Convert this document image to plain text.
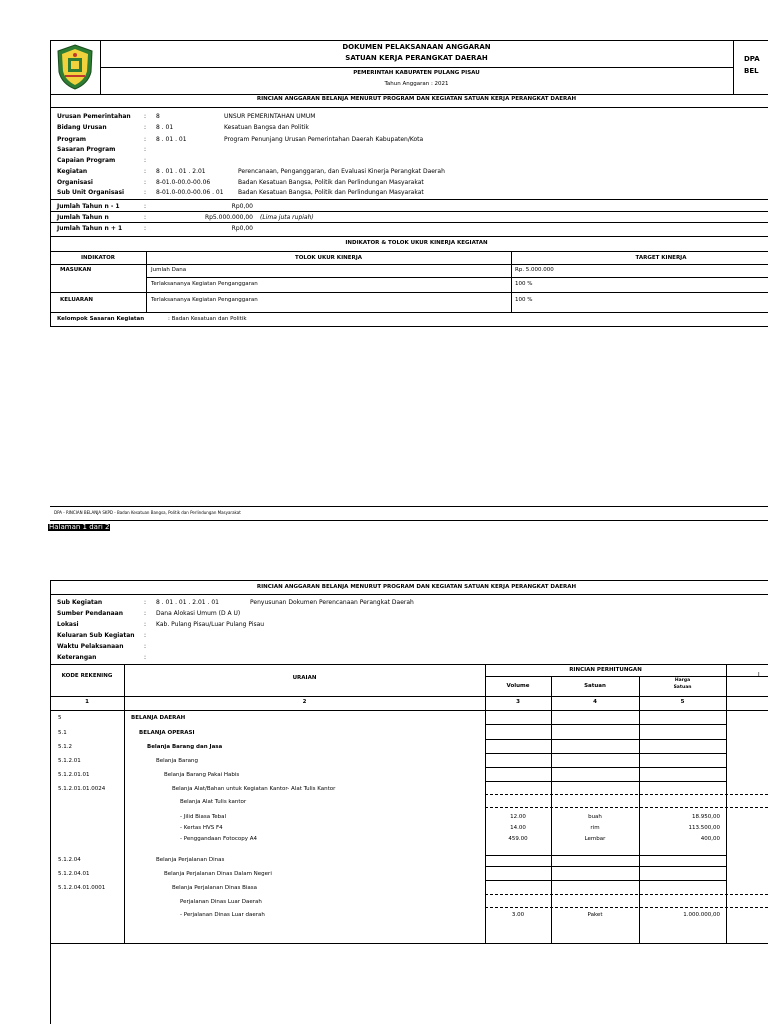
DOKUMEN PELAKSANAAN ANGGARAN
SATUAN KERJA PERANGKAT DAERAH	DPA
BEL
PEMERINTAH KABUPATEN PULANG PISAU
Tahun Anggaran : 2021
RINCIAN ANGGARAN BELANJA MENURUT PROGRAM DAN KEGIATAN SATUAN KERJA PERANGKAT DAERAH
Urusan Pemerintahan : 8	UNSUR PEMERINTAHAN UMUM
Bidang Urusan	: 8 . 01	Kesatuan Bangsa dan Politik
Program	: 8 . 01 . 01	Program Penunjang Urusan Pemerintahan Daerah Kabupaten/Kota
Sasaran Program	:
Capaian Program	:
Kegiatan	: 8 . 01 . 01 . 2.01	Perencanaan, Penganggaran, dan Evaluasi Kinerja Perangkat Daerah
Organisasi	: 8-01.0-00.0-00.06	Badan Kesatuan Bangsa, Politik dan Perlindungan Masyarakat
Sub Unit Organisasi	: 8-01.0-00.0-00.06 . 01 Badan Kesatuan Bangsa, Politik dan Perlindungan Masyarakat
Jumlah Tahun n - 1	:	Rp0,00
Jumlah Tahun n	:	Rp5.000.000,00 (Lima juta rupiah)
Jumlah Tahun n + 1	:	Rp0,00
INDIKATOR & TOLOK UKUR KINERJA KEGIATAN
INDIKATOR	TOLOK UKUR KINERJA	TARGET KINERJA
MASUKAN	Jumlah Dana	Rp. 5.000.000
Terlaksananya Kegiatan Penganggaran	100 %
KELUARAN	Terlaksananya Kegiatan Penganggaran	100 %
Kelompok Sasaran Kegiatan	: Badan Kesatuan dan Politik
DPA - RINCIAN BELANJA SKPD - Badan Kesatuan Bangsa, Politik dan Perlindungan Masyarakat
Halaman 1 dari 2
RINCIAN ANGGARAN BELANJA MENURUT PROGRAM DAN KEGIATAN SATUAN KERJA PERANGKAT DAERAH
Sub Kegiatan	: 8 . 01 . 01 . 2.01 . 01	Penyusunan Dokumen Perencanaan Perangkat Daerah
Sumber Pendanaan	: Dana Alokasi Umum (D A U)
Lokasi	: Kab. Pulang Pisau/Luar Pulang Pisau
Keluaran Sub Kegiatan :
Waktu Pelaksanaan	:
Keterangan	:
KODE REKENING	URAIAN
RINCIAN PERHITUNGAN
Volume	Satuan
Harga
Satuan
J
1	2	3	4	5
5	BELANJA DAERAH
5.1	BELANJA OPERASI
5.1.2	Belanja Barang dan Jasa
5.1.2.01	Belanja Barang
5.1.2.01.01	Belanja Barang Pakai Habis
5.1.2.01.01.0024	Belanja Alat/Bahan untuk Kegiatan Kantor- Alat Tulis Kantor
Belanja Alat Tulis kantor
- Jilid Biasa Tebal	12.00	buah	18.950,00
- Kertas HVS F4	14.00	rim	113.500,00
- Penggandaan Fotocopy A4	459.00	Lembar	400,00
5.1.2.04	Belanja Perjalanan Dinas
5.1.2.04.01	Belanja Perjalanan Dinas Dalam Negeri
5.1.2.04.01.0001	Belanja Perjalanan Dinas Biasa
Perjalanan Dinas Luar Daerah
- Perjalanan Dinas Luar daerah	3.00	Paket	1.000.000,00
